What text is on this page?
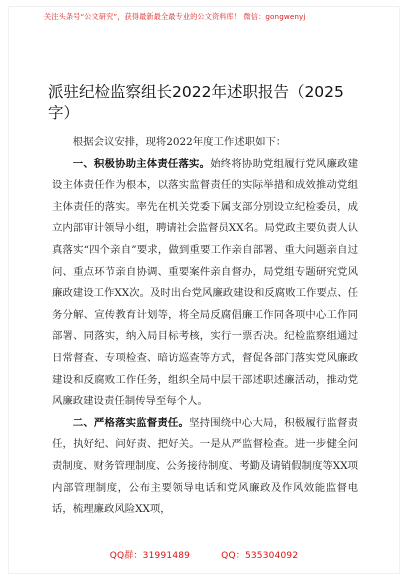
关注头条号“公文研究”，获得最新最全最专业的公文资料库！ 微信：gongwenyj
派驻纪检监察组长2022年述职报告（2025字）

根据会议安排，现将2022年度工作述职如下：

一、积极协助主体责任落实。始终将协助党组履行党风廉政建设主体责任作为根本，以落实监督责任的实际举措和成效推动党组主体责任的落实。率先在机关党委下属支部分别设立纪检委员，成立内部审计领导小组，聘请社会监督员XX名。局党政主要负责人认真落实“四个亲自”要求，做到重要工作亲自部署、重大问题亲自过问、重点环节亲自协调、重要案件亲自督办，局党组专题研究党风廉政建设工作XX次。及时出台党风廉政建设和反腐败工作要点、任务分解、宣传教育计划等，将全局反腐倡廉工作同各项中心工作同部署、同落实，纳入局目标考核，实行一票否决。纪检监察组通过日常督查、专项检查、暗访巡查等方式，督促各部门落实党风廉政建设和反腐败工作任务，组织全局中层干部述职述廉活动，推动党风廉政建设责任制传导至每个人。

二、严格落实监督责任。坚持围绕中心大局，积极履行监督责任，执好纪、问好责、把好关。一是从严监督检查。进一步健全问责制度、财务管理制度、公务接待制度、考勤及请销假制度等XX项内部管理制度，公布主要领导电话和党风廉政及作风效能监督电话，梳理廉政风险XX项，

QQ群：31991489	QQ：535304092
